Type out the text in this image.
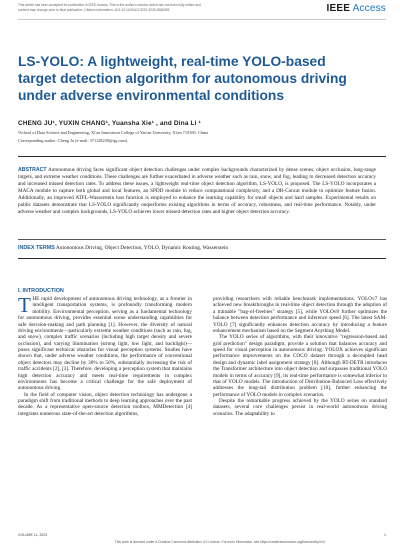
This article has been accepted for publication in IEEE Access. This is the author's version which has not been fully edited and
content may change prior to final publication. Citation information: DOI 10.1109/ACCESS.2025.3586399	IEEE Access
LS-YOLO: A lightweight, real-time YOLO-based target detection algorithm for autonomous driving under adverse environmental conditions
CHENG JU¹, YUXIN CHANG¹, Yuansha Xie¹ , and Dina Li ¹
¹School of Data Science and Engineering, Xi'an Innovation College of Yan'an University, Xi'an 710100, China
Corresponding author: Cheng Ju (e-mail: 371128249@qq.com).

ABSTRACT Autonomous driving faces significant object detection challenges under complex backgrounds characterized by dense scenes, object occlusion, long-range targets, and extreme weather conditions. These challenges are further exacerbated in adverse weather such as rain, snow, and fog, leading to decreased detection accuracy and increased missed detection rates. To address these issues, a lightweight real-time object detection algorithm, LS-YOLO, is proposed. The LS-YOLO incorporates a MACA module to capture both global and local features, an SPDD module to reduce computational complexity, and a DR-Concat module to optimize feature fusion. Additionally, an improved ATFL-Wasserstein loss function is employed to enhance the learning capability for small objects and hard samples. Experimental results on public datasets demonstrate that LS-YOLO significantly outperforms existing algorithms in terms of accuracy, robustness, and real-time performance. Notably, under adverse weather and complex backgrounds, LS-YOLO achieves lower missed detection rates and higher object detection accuracy.

INDEX TERMS Autonomous Driving, Object Detection, YOLO, Dynamic Routing, Wasserstein
I. INTRODUCTION

THE rapid development of autonomous driving technology, as a frontier in intelligent transportation systems, is profoundly transforming modern mobility. Environmental perception, serving as a fundamental technology for autonomous driving, provides essential scene understanding capabilities for safe decision-making and path planning [1]. However, the diversity of natural driving environments—particularly extreme weather conditions (such as rain, fog, and snow), complex traffic scenarios (including high target density and severe occlusion), and varying illumination (strong light, low light, and backlight)—poses significant technical obstacles for visual perception systems. Studies have shown that, under adverse weather conditions, the performance of conventional object detectors may decline by 30% to 50%, substantially increasing the risk of traffic accidents [2], [3]. Therefore, developing a perception system that maintains high detection accuracy and meets real-time requirements in complex environments has become a critical challenge for the safe deployment of autonomous driving.

In the field of computer vision, object detection technology has undergone a paradigm shift from traditional methods to deep learning approaches over the past decade. As a representative open-source detection toolbox, MMDetection [4] integrates numerous state-of-the-art detection algorithms,

providing researchers with reliable benchmark implementations. YOLOv7 has achieved new breakthroughs in real-time object detection through the adoption of a trainable "bag-of-freebies" strategy [5], while YOLOv8 further optimizes the balance between detection performance and inference speed [6]. The latest SAM-YOLO [7] significantly enhances detection accuracy by introducing a feature enhancement mechanism based on the Segment Anything Model.

The YOLO series of algorithms, with their innovative "regression-based and grid prediction" design paradigm, provide a solution that balances accuracy and speed for visual perception in autonomous driving. YOLOX achieves significant performance improvements on the COCO dataset through a decoupled head design and dynamic label assignment strategy [8]. Although RT-DETR introduces the Transformer architecture into object detection and surpasses traditional YOLO models in terms of accuracy [9], its real-time performance is somewhat inferior to that of YOLO models. The introduction of Distribution-Balanced Loss effectively addresses the long-tail distribution problem [10], further enhancing the performance of YOLO models in complex scenarios.

Despite the remarkable progress achieved by the YOLO series on standard datasets, several core challenges persist in real-world autonomous driving scenarios. The adaptability to

VOLUME 11, 2023	1
This work is licensed under a Creative Commons Attribution 4.0 License. For more information, see https://creativecommons.org/licenses/by/4.0/
